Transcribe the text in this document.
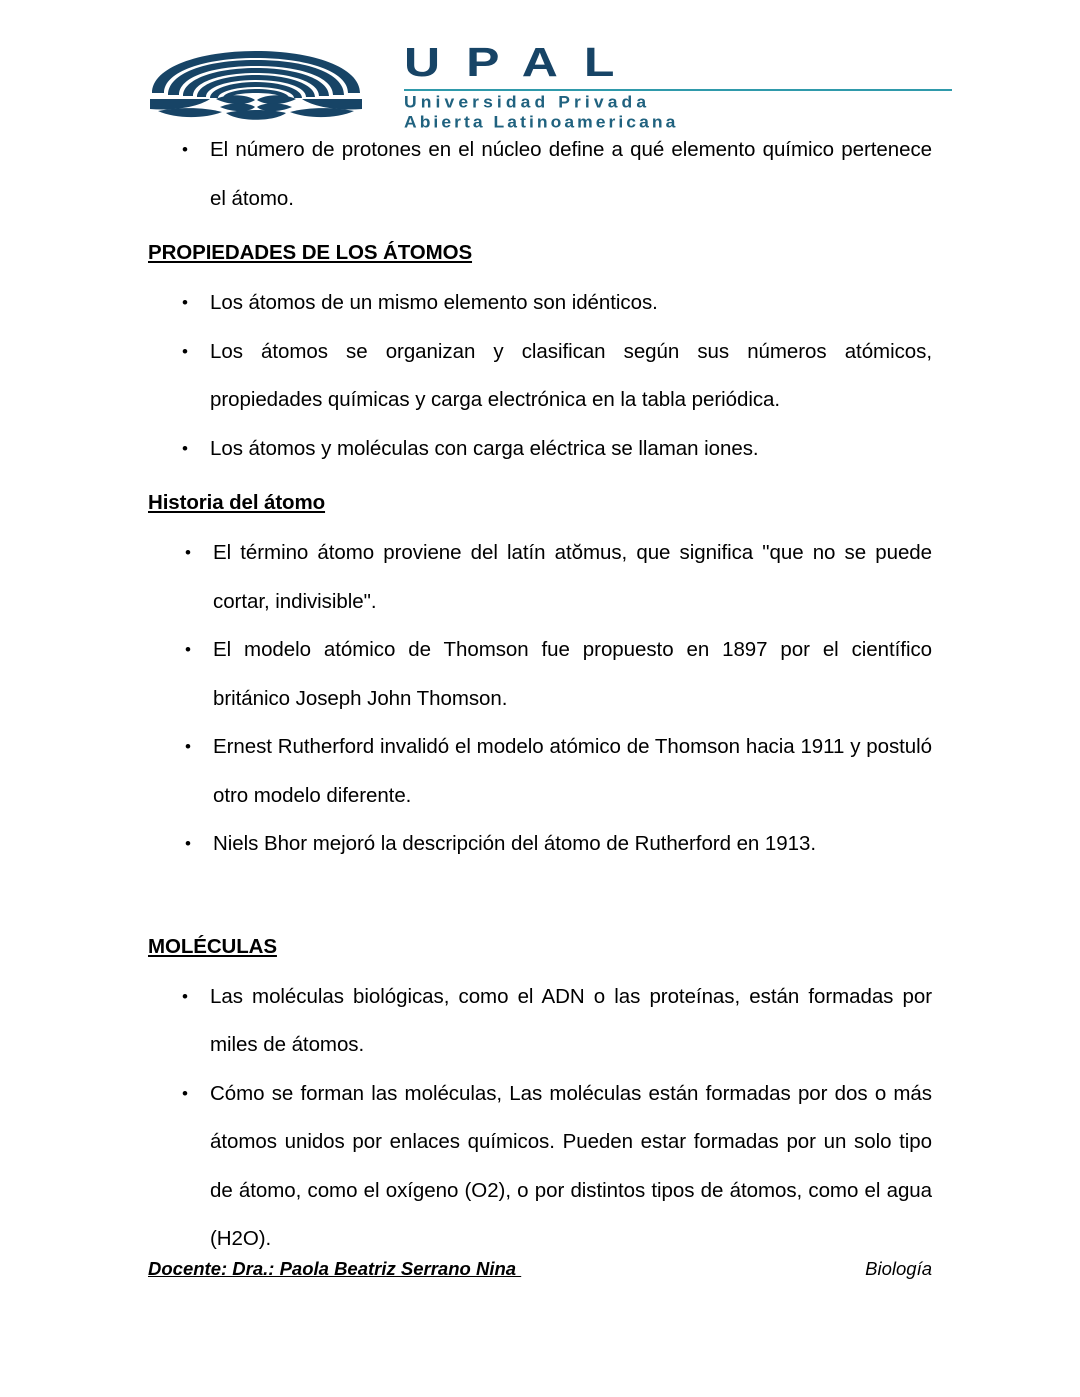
UPAL
Universidad Privada
Abierta Latinoamericana
• El número de protones en el núcleo define a qué elemento químico pertenece el átomo.
PROPIEDADES DE LOS ÁTOMOS
• Los átomos de un mismo elemento son idénticos.
• Los átomos se organizan y clasifican según sus números atómicos, propiedades químicas y carga electrónica en la tabla periódica.
• Los átomos y moléculas con carga eléctrica se llaman iones.
Historia del átomo
• El término átomo proviene del latín atŏmus, que significa "que no se puede cortar, indivisible".
• El modelo atómico de Thomson fue propuesto en 1897 por el científico británico Joseph John Thomson.
• Ernest Rutherford invalidó el modelo atómico de Thomson hacia 1911 y postuló otro modelo diferente.
• Niels Bhor mejoró la descripción del átomo de Rutherford en 1913.
MOLÉCULAS
• Las moléculas biológicas, como el ADN o las proteínas, están formadas por miles de átomos.
• Cómo se forman las moléculas, Las moléculas están formadas por dos o más átomos unidos por enlaces químicos. Pueden estar formadas por un solo tipo de átomo, como el oxígeno (O2), o por distintos tipos de átomos, como el agua (H2O).
Docente: Dra.: Paola Beatriz Serrano Nina	Biología
